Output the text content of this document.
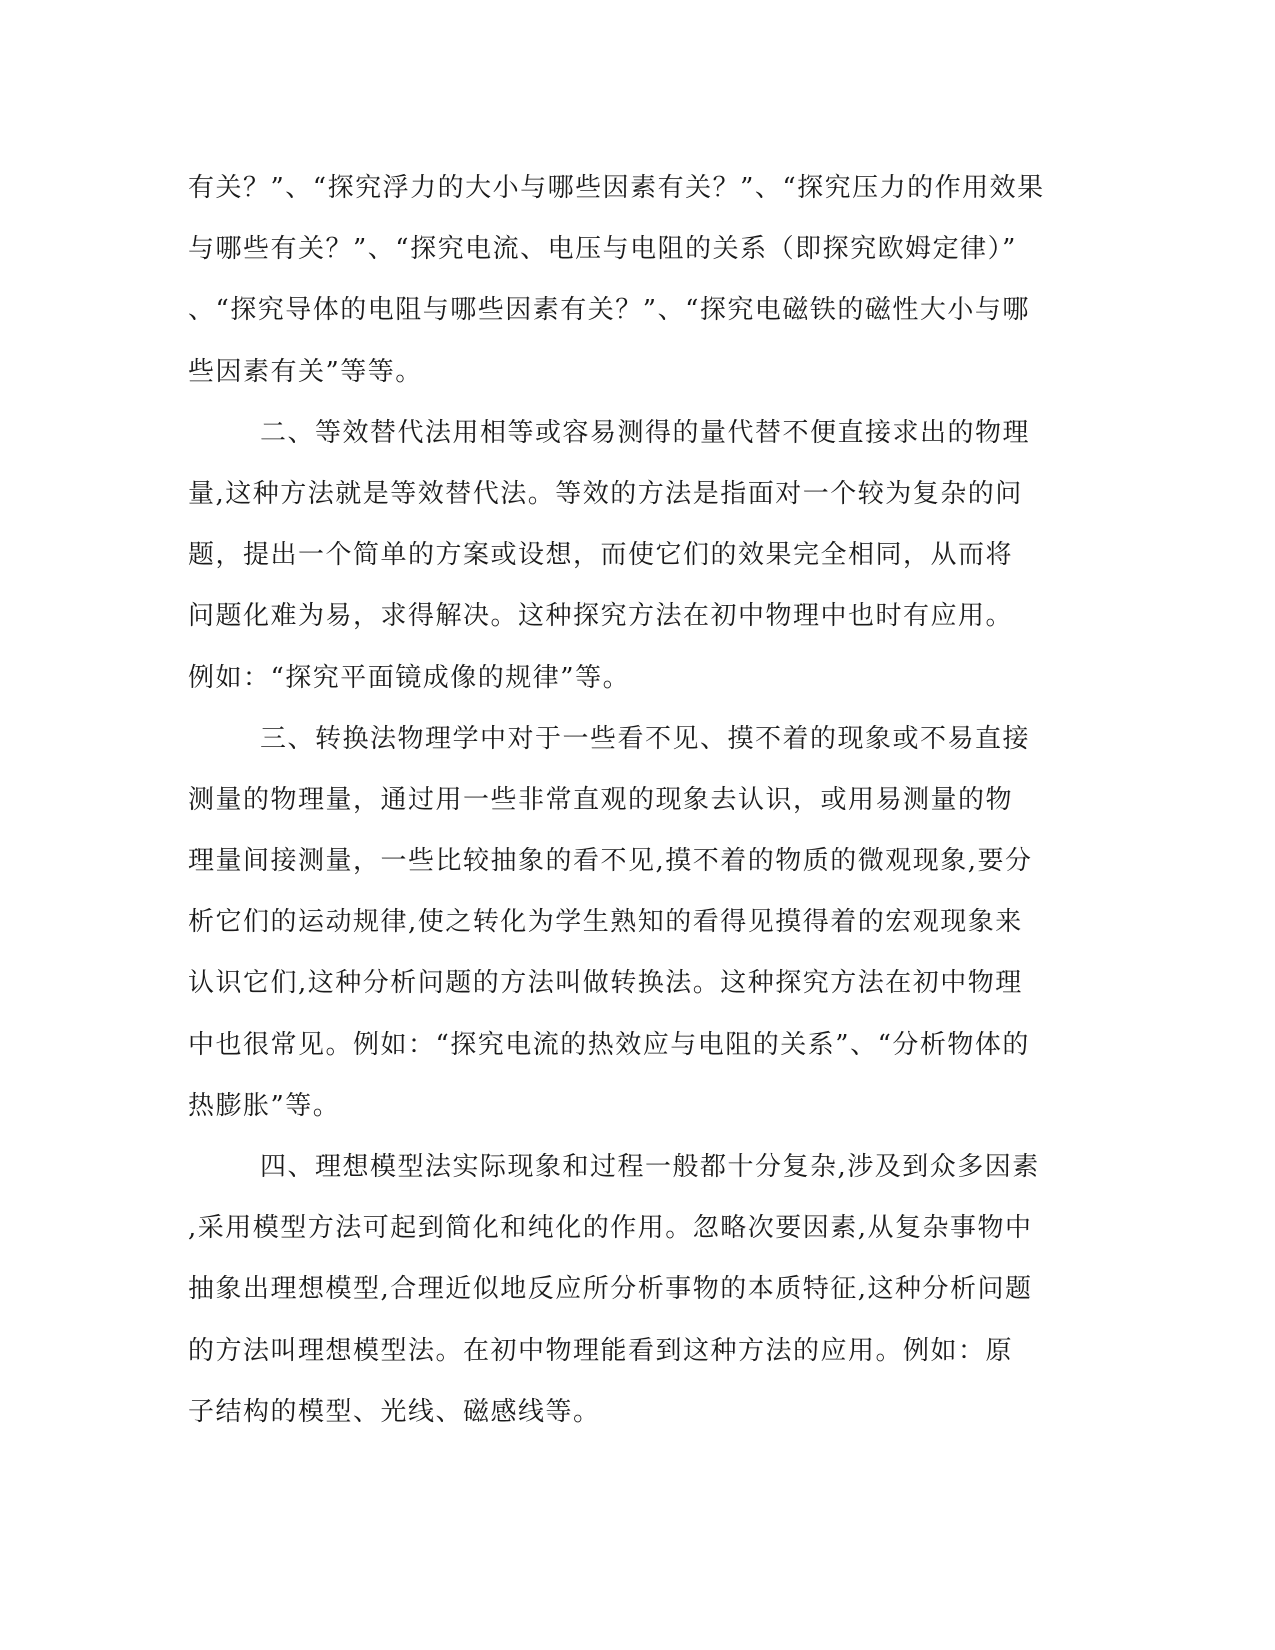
有关？”、“探究浮力的大小与哪些因素有关？”、“探究压力的作用效果
与哪些有关？”、“探究电流、电压与电阻的关系（即探究欧姆定律）”
、“探究导体的电阻与哪些因素有关？”、“探究电磁铁的磁性大小与哪
些因素有关”等等。
二、等效替代法用相等或容易测得的量代替不便直接求出的物理
量,这种方法就是等效替代法。等效的方法是指面对一个较为复杂的问
题，提出一个简单的方案或设想，而使它们的效果完全相同，从而将
问题化难为易，求得解决。这种探究方法在初中物理中也时有应用。
例如：“探究平面镜成像的规律”等。
三、转换法物理学中对于一些看不见、摸不着的现象或不易直接
测量的物理量，通过用一些非常直观的现象去认识，或用易测量的物
理量间接测量，一些比较抽象的看不见,摸不着的物质的微观现象,要分
析它们的运动规律,使之转化为学生熟知的看得见摸得着的宏观现象来
认识它们,这种分析问题的方法叫做转换法。这种探究方法在初中物理
中也很常见。例如：“探究电流的热效应与电阻的关系”、“分析物体的
热膨胀”等。
四、理想模型法实际现象和过程一般都十分复杂,涉及到众多因素
,采用模型方法可起到简化和纯化的作用。忽略次要因素,从复杂事物中
抽象出理想模型,合理近似地反应所分析事物的本质特征,这种分析问题
的方法叫理想模型法。在初中物理能看到这种方法的应用。例如：原
子结构的模型、光线、磁感线等。
